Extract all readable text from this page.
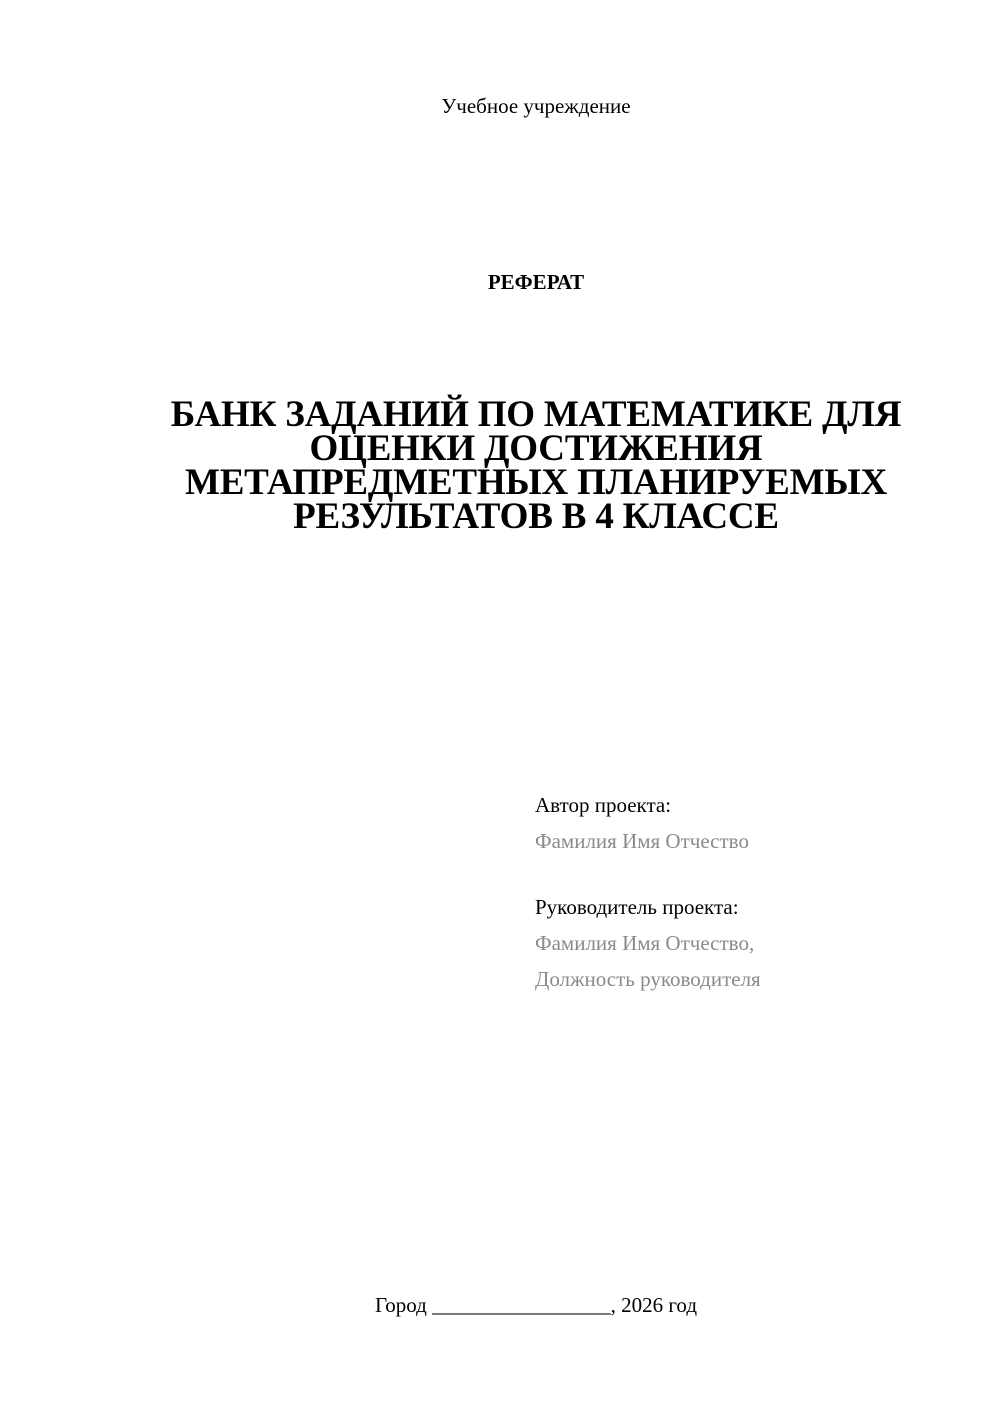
Учебное учреждение
РЕФЕРАТ
БАНК ЗАДАНИЙ ПО МАТЕМАТИКЕ ДЛЯ
ОЦЕНКИ ДОСТИЖЕНИЯ
МЕТАПРЕДМЕТНЫХ ПЛАНИРУЕМЫХ
РЕЗУЛЬТАТОВ В 4 КЛАССЕ
Автор проекта:
Фамилия Имя Отчество
Руководитель проекта:
Фамилия Имя Отчество,
Должность руководителя
Город _________________, 2026 год
